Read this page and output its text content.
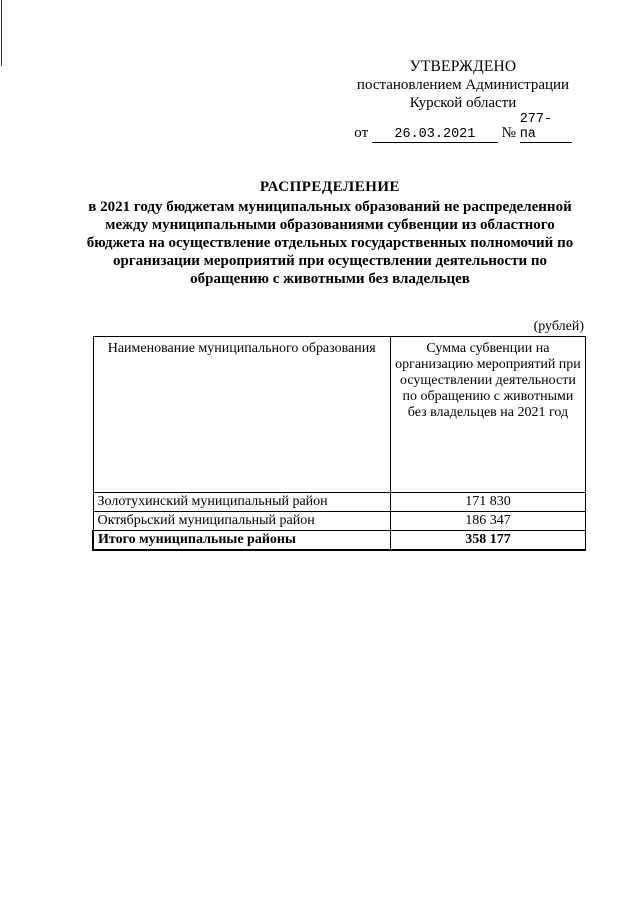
УТВЕРЖДЕНО
постановлением Администрации
Курской области
от 26.03.2021 № 277-па
РАСПРЕДЕЛЕНИЕ
в 2021 году бюджетам муниципальных образований не распределенной между муниципальными образованиями субвенции из областного бюджета на осуществление отдельных государственных полномочий по организации мероприятий при осуществлении деятельности по обращению с животными без владельцев
(рублей)
Наименование муниципального образования	Сумма субвенции на организацию мероприятий при осуществлении деятельности по обращению с животными без владельцев на 2021 год
Золотухинский муниципальный район	171 830
Октябрьский муниципальный район	186 347
Итого муниципальные районы	358 177
